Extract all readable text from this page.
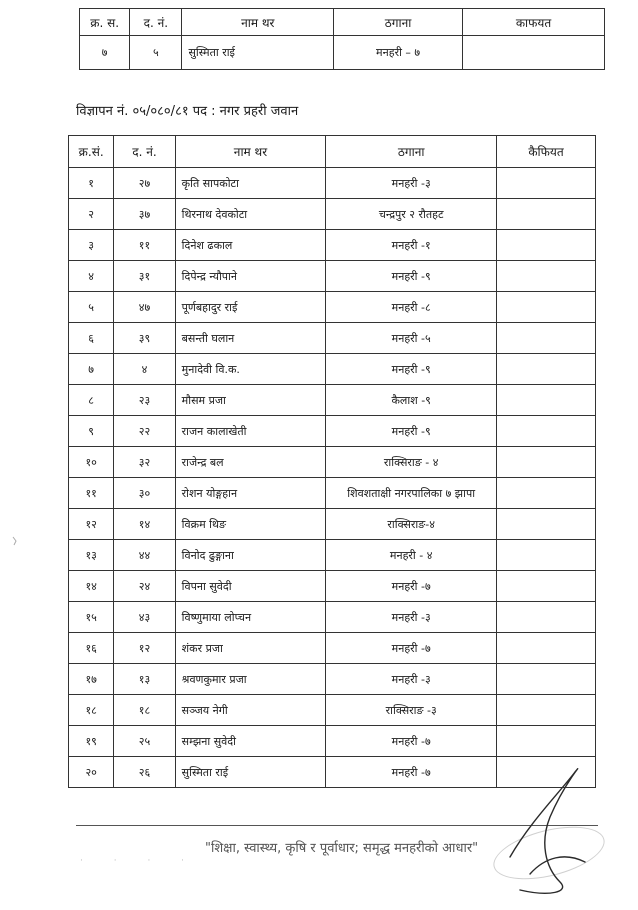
क्र. स.	द. नं.	नाम थर	ठगाना	काफयत
७	५	सुस्मिता राई	मनहरी – ७	
विज्ञापन नं. ०५/०८०/८१ पद : नगर प्रहरी जवान
क्र.सं.	द. नं.	नाम थर	ठगाना	कैफियत
१	२७	कृति सापकोटा	मनहरी -३	
२	३७	थिरनाथ देवकोटा	चन्द्रपुर २ रौतहट	
३	११	दिनेश ढकाल	मनहरी -१	
४	३१	दिपेन्द्र न्यौपाने	मनहरी -९	
५	४७	पूर्णबहादुर राई	मनहरी -८	
६	३९	बसन्ती घलान	मनहरी -५	
७	४	मुनादेवी वि.क.	मनहरी -९	
८	२३	मौसम प्रजा	कैलाश -९	
९	२२	राजन कालाखेती	मनहरी -९	
१०	३२	राजेन्द्र बल	राक्सिराङ - ४	
११	३०	रोशन योङ्गहान	शिवशताक्षी नगरपालिका ७ झापा	
१२	१४	विक्रम थिङ	राक्सिराङ-४	
१३	४४	विनोद ढुङ्गाना	मनहरी - ४	
१४	२४	विपना सुवेदी	मनहरी -७	
१५	४३	विष्णुमाया लोप्चन	मनहरी -३	
१६	१२	शंकर प्रजा	मनहरी -७	
१७	१३	श्रवणकुमार प्रजा	मनहरी -३	
१८	१८	सञ्जय नेगी	राक्सिराङ -३	
१९	२५	सम्झना सुवेदी	मनहरी -७	
२०	२६	सुस्मिता राई	मनहरी -७	
"शिक्षा, स्वास्थ्य, कृषि र पूर्वाधार; समृद्ध मनहरीको आधार"
· · · ·
